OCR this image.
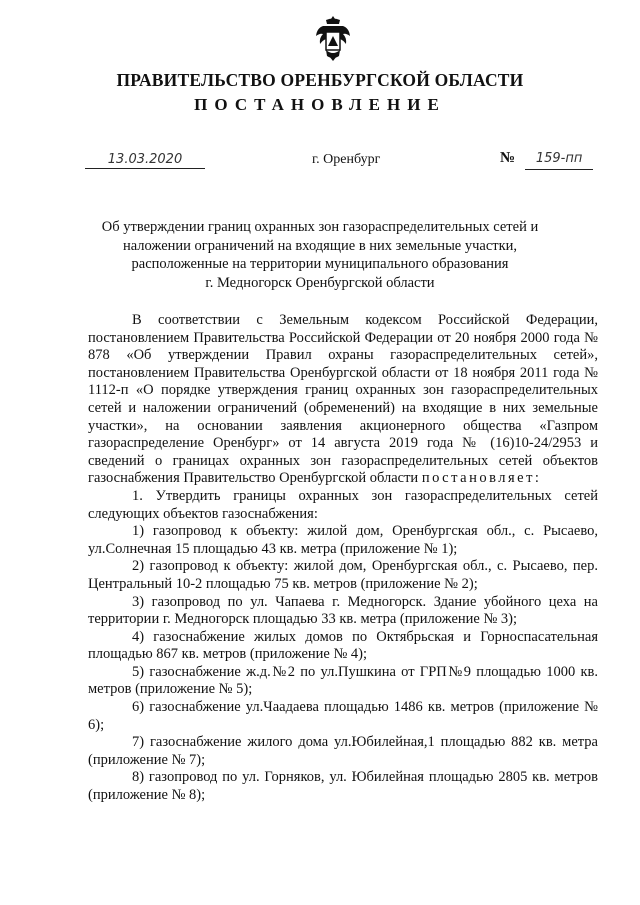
ПРАВИТЕЛЬСТВО ОРЕНБУРГСКОЙ ОБЛАСТИ
ПОСТАНОВЛЕНИЕ
13.03.2020	г. Оренбург	№ 159-пп
Об утверждении границ охранных зон газораспределительных сетей и
наложении ограничений на входящие в них земельные участки,
расположенные на территории муниципального образования
г. Медногорск Оренбургской области

В соответствии с Земельным кодексом Российской Федерации, постановлением Правительства Российской Федерации от 20 ноября 2000 года № 878 «Об утверждении Правил охраны газораспределительных сетей», постановлением Правительства Оренбургской области от 18 ноября 2011 года № 1112-п «О порядке утверждения границ охранных зон газораспределительных сетей и наложении ограничений (обременений) на входящие в них земельные участки», на основании заявления акционерного общества «Газпром газораспределение Оренбург» от 14 августа 2019 года № (16)10-24/2953 и сведений о границах охранных зон газораспределительных сетей объектов газоснабжения Правительство Оренбургской области постановляет:

1. Утвердить границы охранных зон газораспределительных сетей следующих объектов газоснабжения:

1) газопровод к объекту: жилой дом, Оренбургская обл., с. Рысаево, ул.Солнечная 15 площадью 43 кв. метра (приложение № 1);

2) газопровод к объекту: жилой дом, Оренбургская обл., с. Рысаево, пер. Центральный 10-2 площадью 75 кв. метров (приложение № 2);

3) газопровод по ул. Чапаева г. Медногорск. Здание убойного цеха на территории г. Медногорск площадью 33 кв. метра (приложение № 3);

4) газоснабжение жилых домов по Октябрьская и Горноспасательная площадью 867 кв. метров (приложение № 4);

5) газоснабжение ж.д.№2 по ул.Пушкина от ГРП№9 площадью 1000 кв. метров (приложение № 5);

6) газоснабжение ул.Чаадаева площадью 1486 кв. метров (приложение № 6);

7) газоснабжение жилого дома ул.Юбилейная,1 площадью 882 кв. метра (приложение № 7);

8) газопровод по ул. Горняков, ул. Юбилейная площадью 2805 кв. метров (приложение № 8);
